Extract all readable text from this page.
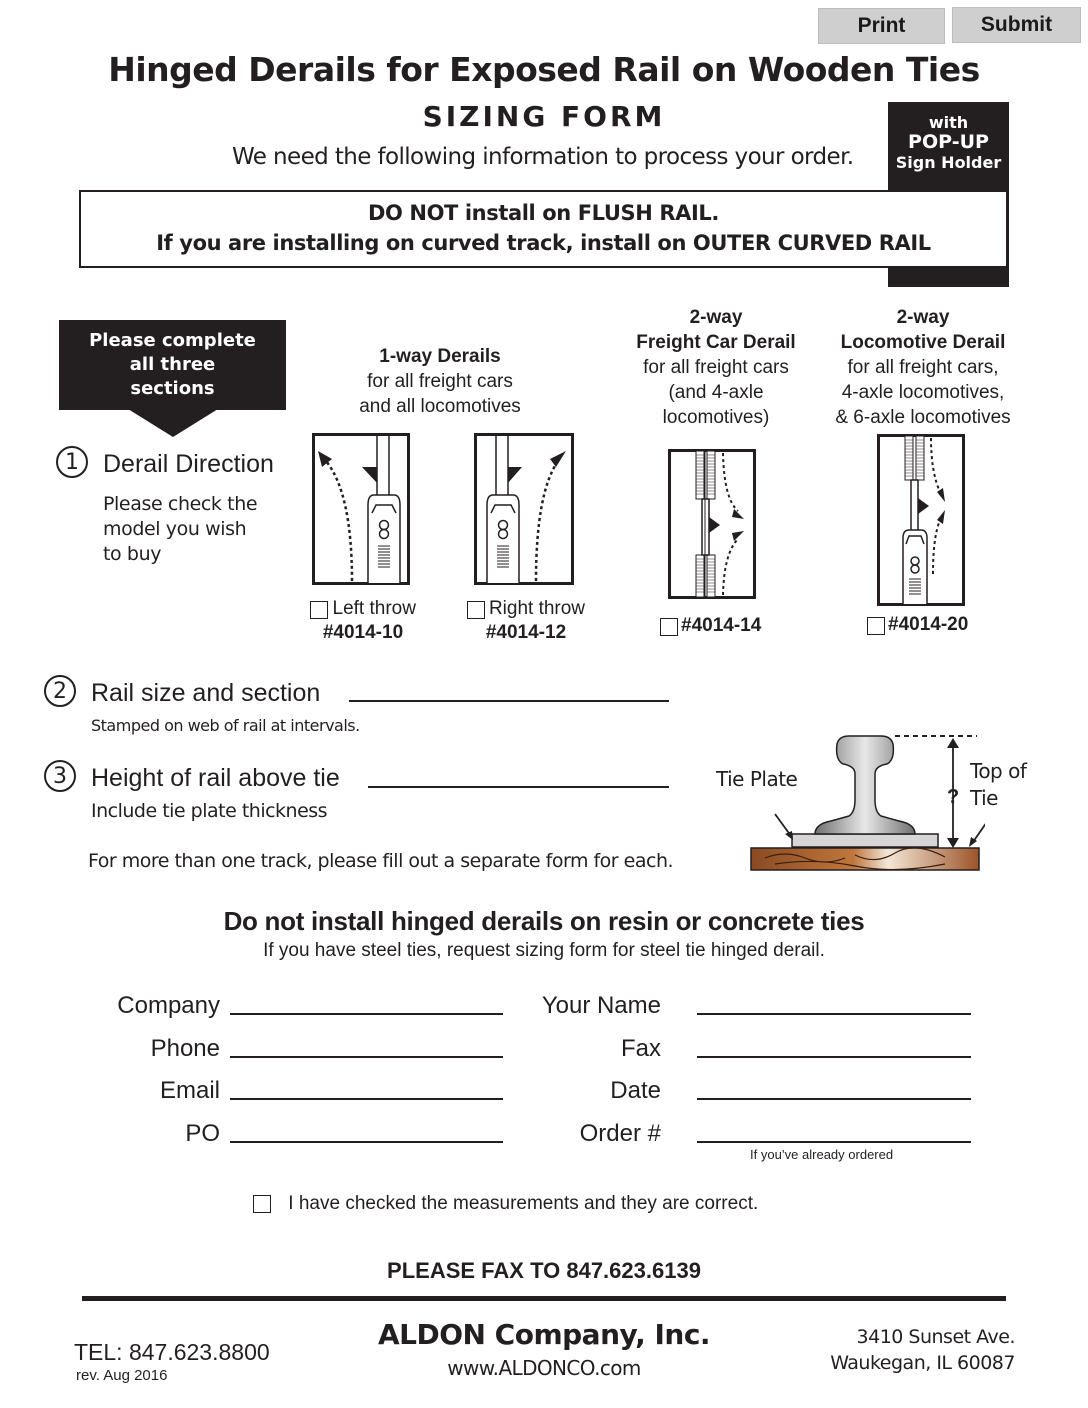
Print	Submit
Hinged Derails for Exposed Rail on Wooden Ties
SIZING FORM
We need the following information to process your order.
with
POP-UP
Sign Holder
DO NOT install on FLUSH RAIL.
If you are installing on curved track, install on OUTER CURVED RAIL
Please complete
all three
sections
1 Derail Direction
Please check the
model you wish
to buy
1-way Derails
for all freight cars
and all locomotives
2-way
Freight Car Derail
for all freight cars
(and 4-axle
locomotives)
2-way
Locomotive Derail
for all freight cars,
4-axle locomotives,
& 6-axle locomotives
Left throw
#4014-10
Right throw
#4014-12	#4014-14	#4014-20
2 Rail size and section
Stamped on web of rail at intervals.
3 Height of rail above tie
Include tie plate thickness
For more than one track, please fill out a separate form for each.
Tie Plate
?
Top of
Tie
Do not install hinged derails on resin or concrete ties
If you have steel ties, request sizing form for steel tie hinged derail.
Company
Phone
Email
PO
Your Name
Fax
Date
Order #
If you’ve already ordered
I have checked the measurements and they are correct.
PLEASE FAX TO 847.623.6139
TEL: 847.623.8800
rev. Aug 2016
ALDON Company, Inc.
www.ALDONCO.com
3410 Sunset Ave.
Waukegan, IL 60087
